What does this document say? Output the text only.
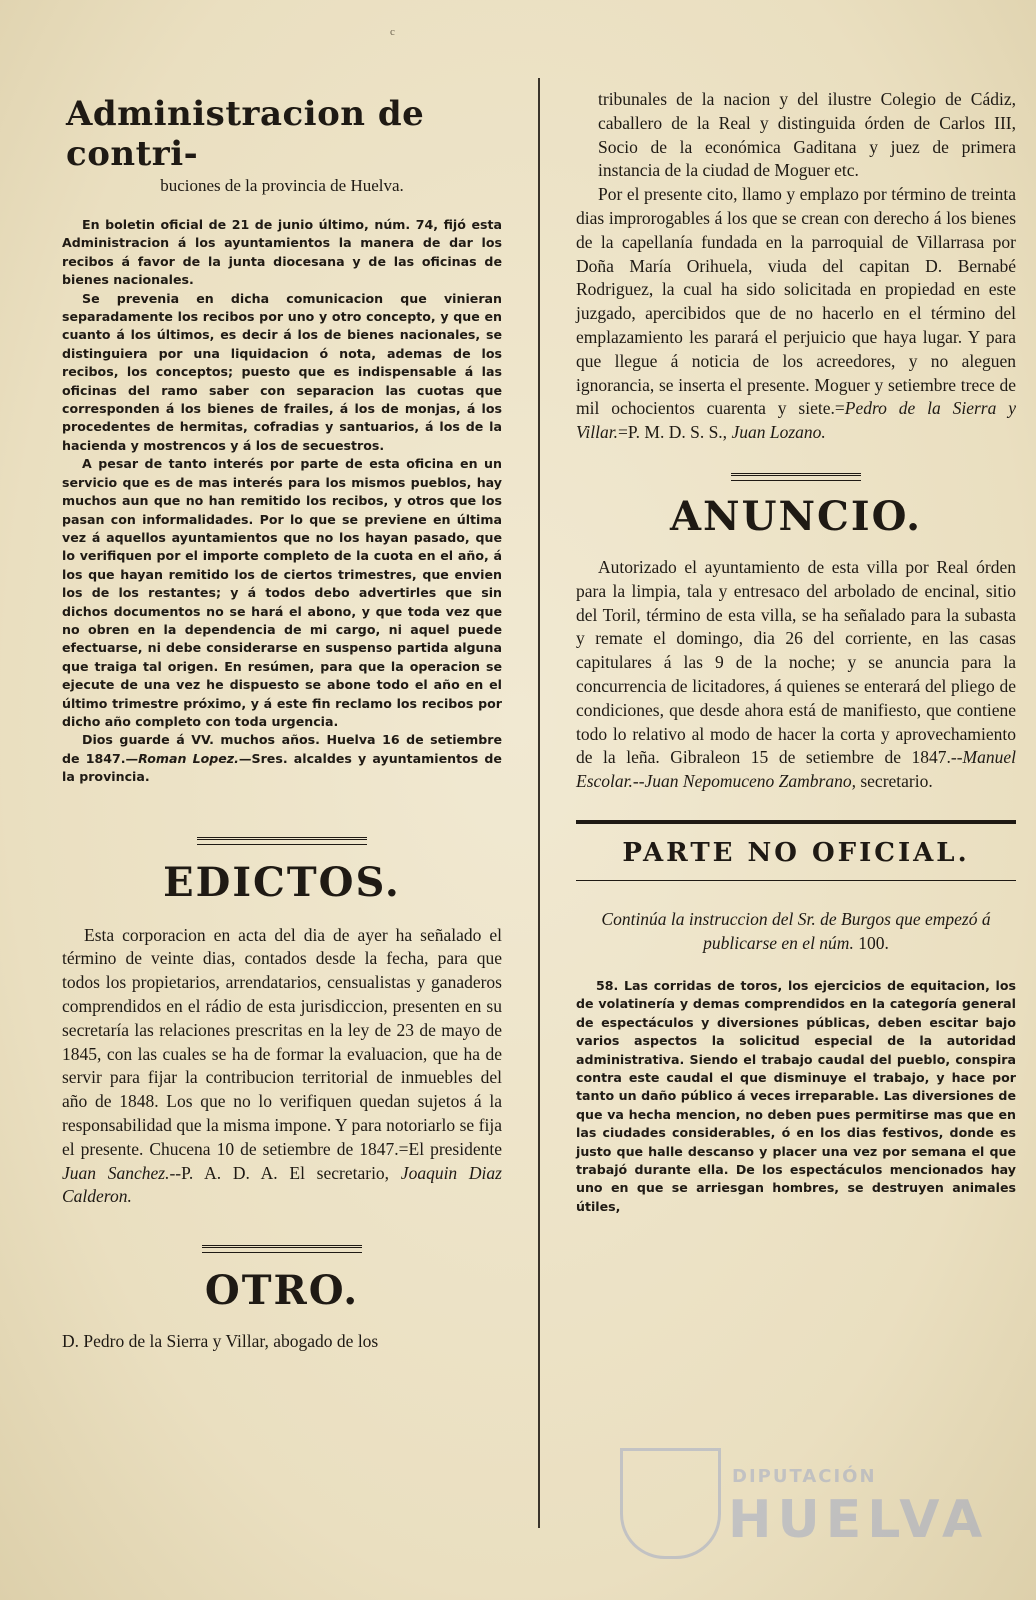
c
Administracion de contri-
buciones de la provincia de Huelva.

En boletin oficial de 21 de junio último, núm. 74, fijó esta Administracion á los ayuntamientos la manera de dar los recibos á favor de la junta diocesana y de las oficinas de bienes nacionales.

Se prevenia en dicha comunicacion que vinieran separadamente los recibos por uno y otro concepto, y que en cuanto á los últimos, es decir á los de bienes nacionales, se distinguiera por una liquidacion ó nota, ademas de los recibos, los conceptos; puesto que es indispensable á las oficinas del ramo saber con separacion las cuotas que corresponden á los bienes de frailes, á los de monjas, á los procedentes de hermitas, cofradias y santuarios, á los de la hacienda y mostrencos y á los de secuestros.

A pesar de tanto interés por parte de esta oficina en un servicio que es de mas interés para los mismos pueblos, hay muchos aun que no han remitido los recibos, y otros que los pasan con informalidades. Por lo que se previene en última vez á aquellos ayuntamientos que no los hayan pasado, que lo verifiquen por el importe completo de la cuota en el año, á los que hayan remitido los de ciertos trimestres, que envien los de los restantes; y á todos debo advertirles que sin dichos documentos no se hará el abono, y que toda vez que no obren en la dependencia de mi cargo, ni aquel puede efectuarse, ni debe considerarse en suspenso partida alguna que traiga tal origen. En resúmen, para que la operacion se ejecute de una vez he dispuesto se abone todo el año en el último trimestre próximo, y á este fin reclamo los recibos por dicho año completo con toda urgencia.

Dios guarde á VV. muchos años. Huelva 16 de setiembre de 1847.—Roman Lopez.—Sres. alcaldes y ayuntamientos de la provincia.

EDICTOS.

Esta corporacion en acta del dia de ayer ha señalado el término de veinte dias, contados desde la fecha, para que todos los propietarios, arrendatarios, censualistas y ganaderos comprendidos en el rádio de esta jurisdiccion, presenten en su secretaría las relaciones prescritas en la ley de 23 de mayo de 1845, con las cuales se ha de formar la evaluacion, que ha de servir para fijar la contribucion territorial de inmuebles del año de 1848. Los que no lo verifiquen quedan sujetos á la responsabilidad que la misma impone. Y para notoriarlo se fija el presente. Chucena 10 de setiembre de 1847.=El presidente Juan Sanchez.--P. A. D. A. El secretario, Joaquin Diaz Calderon.

OTRO.

D. Pedro de la Sierra y Villar, abogado de los

tribunales de la nacion y del ilustre Colegio de Cádiz, caballero de la Real y distinguida órden de Carlos III, Socio de la económica Gaditana y juez de primera instancia de la ciudad de Moguer etc.

Por el presente cito, llamo y emplazo por término de treinta dias improrogables á los que se crean con derecho á los bienes de la capellanía fundada en la parroquial de Villarrasa por Doña María Orihuela, viuda del capitan D. Bernabé Rodriguez, la cual ha sido solicitada en propiedad en este juzgado, apercibidos que de no hacerlo en el término del emplazamiento les parará el perjuicio que haya lugar. Y para que llegue á noticia de los acreedores, y no aleguen ignorancia, se inserta el presente. Moguer y setiembre trece de mil ochocientos cuarenta y siete.=Pedro de la Sierra y Villar.=P. M. D. S. S., Juan Lozano.

ANUNCIO.

Autorizado el ayuntamiento de esta villa por Real órden para la limpia, tala y entresaco del arbolado de encinal, sitio del Toril, término de esta villa, se ha señalado para la subasta y remate el domingo, dia 26 del corriente, en las casas capitulares á las 9 de la noche; y se anuncia para la concurrencia de licitadores, á quienes se enterará del pliego de condiciones, que desde ahora está de manifiesto, que contiene todo lo relativo al modo de hacer la corta y aprovechamiento de la leña. Gibraleon 15 de setiembre de 1847.--Manuel Escolar.--Juan Nepomuceno Zambrano, secretario.

PARTE NO OFICIAL.
Continúa la instruccion del Sr. de Burgos que empezó á publicarse en el núm. 100.

58. Las corridas de toros, los ejercicios de equitacion, los de volatinería y demas comprendidos en la categoría general de espectáculos y diversiones públicas, deben escitar bajo varios aspectos la solicitud especial de la autoridad administrativa. Siendo el trabajo caudal del pueblo, conspira contra este caudal el que disminuye el trabajo, y hace por tanto un daño público á veces irreparable. Las diversiones de que va hecha mencion, no deben pues permitirse mas que en las ciudades considerables, ó en los dias festivos, donde es justo que halle descanso y placer una vez por semana el que trabajó durante ella. De los espectáculos mencionados hay uno en que se arriesgan hombres, se destruyen animales útiles,

DIPUTACIÓN
HUELVA
